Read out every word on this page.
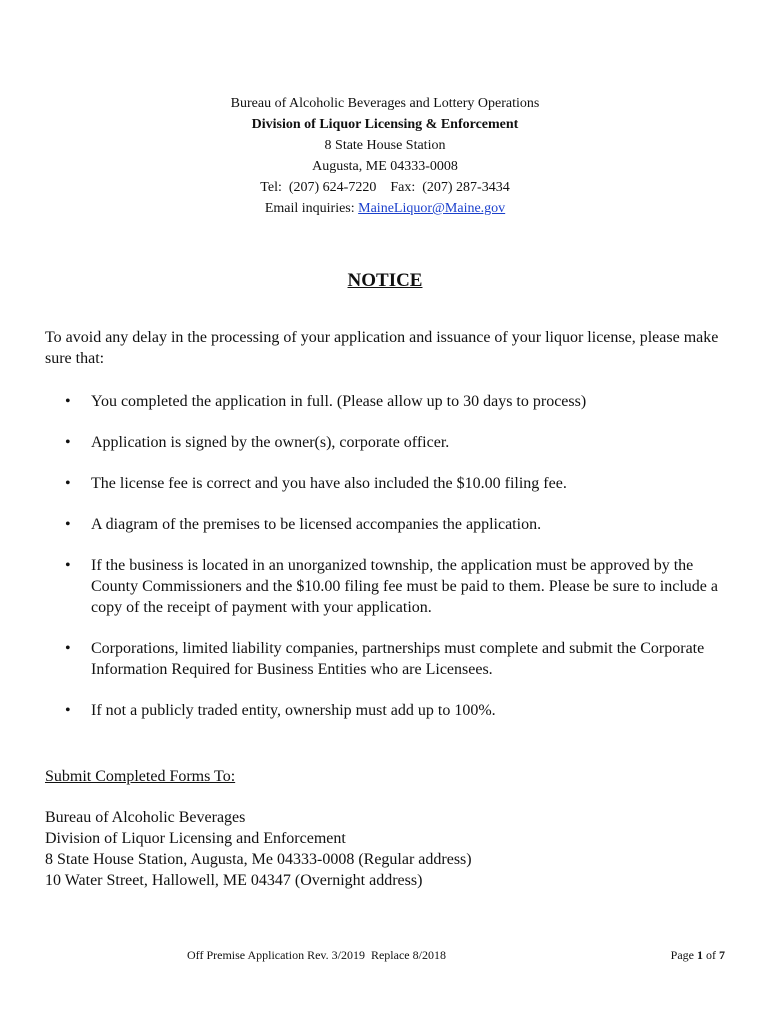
Bureau of Alcoholic Beverages and Lottery Operations
Division of Liquor Licensing & Enforcement
8 State House Station
Augusta, ME 04333-0008
Tel:  (207) 624-7220    Fax:  (207) 287-3434
Email inquiries: MaineLiquor@Maine.gov
NOTICE
To avoid any delay in the processing of your application and issuance of your liquor license, please make sure that:
• You completed the application in full. (Please allow up to 30 days to process)
• Application is signed by the owner(s), corporate officer.
• The license fee is correct and you have also included the $10.00 filing fee.
• A diagram of the premises to be licensed accompanies the application.
• If the business is located in an unorganized township, the application must be approved by the County Commissioners and the $10.00 filing fee must be paid to them. Please be sure to include a copy of the receipt of payment with your application.
• Corporations, limited liability companies, partnerships must complete and submit the Corporate Information Required for Business Entities who are Licensees.
• If not a publicly traded entity, ownership must add up to 100%.
Submit Completed Forms To:
Bureau of Alcoholic Beverages
Division of Liquor Licensing and Enforcement
8 State House Station, Augusta, Me 04333-0008 (Regular address)
10 Water Street, Hallowell, ME 04347 (Overnight address)
Off Premise Application Rev. 3/2019  Replace 8/2018	Page 1 of 7
